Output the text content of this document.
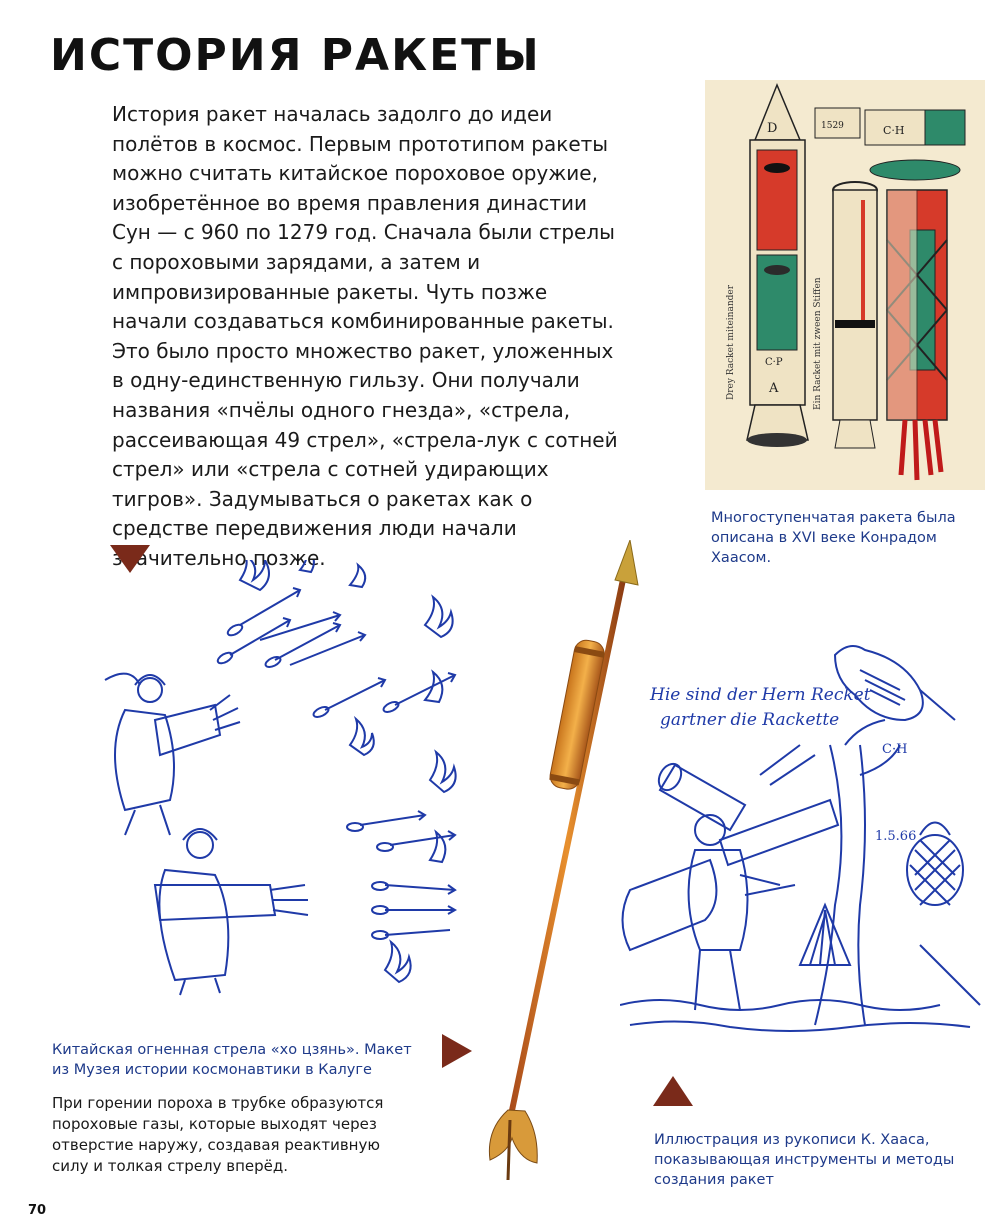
ИСТОРИЯ РАКЕТЫ

История ракет началась задолго до идеи полётов в космос. Первым прототипом ракеты можно считать китайское пороховое оружие, изобретённое во время правления династии Сун — с 960 по 1279 год. Сначала были стрелы с пороховыми зарядами, а затем и импровизированные ракеты. Чуть позже начали создаваться комбинированные ракеты. Это было просто множество ракет, уложенных в одну-единственную гильзу. Они получали названия «пчёлы одного гнезда», «стрела, рассеивающая 49 стрел», «стрела-лук с сотней стрел» или «стрела с сотней удирающих тигров». Задумываться о ракетах как о средстве передвижения люди начали значительно позже.

D
C·P
A
Drey Racket miteinander
1529
Ein Racket mit zween Stiffen
C·H
Многоступенчатая ракета была описана в XVI веке Конрадом Хаасом.
Hie sind der Hern Recket
gartner die Rackette
C·H
1.5.66
Китайская огненная стрела «хо цзянь». Макет из Музея истории космонавтики в Калуге
При горении пороха в трубке образуются пороховые газы, которые выходят через отверстие наружу, создавая реактивную силу и толкая стрелу вперёд.
Иллюстрация из рукописи К. Хааса, показывающая инструменты и методы создания ракет
70
